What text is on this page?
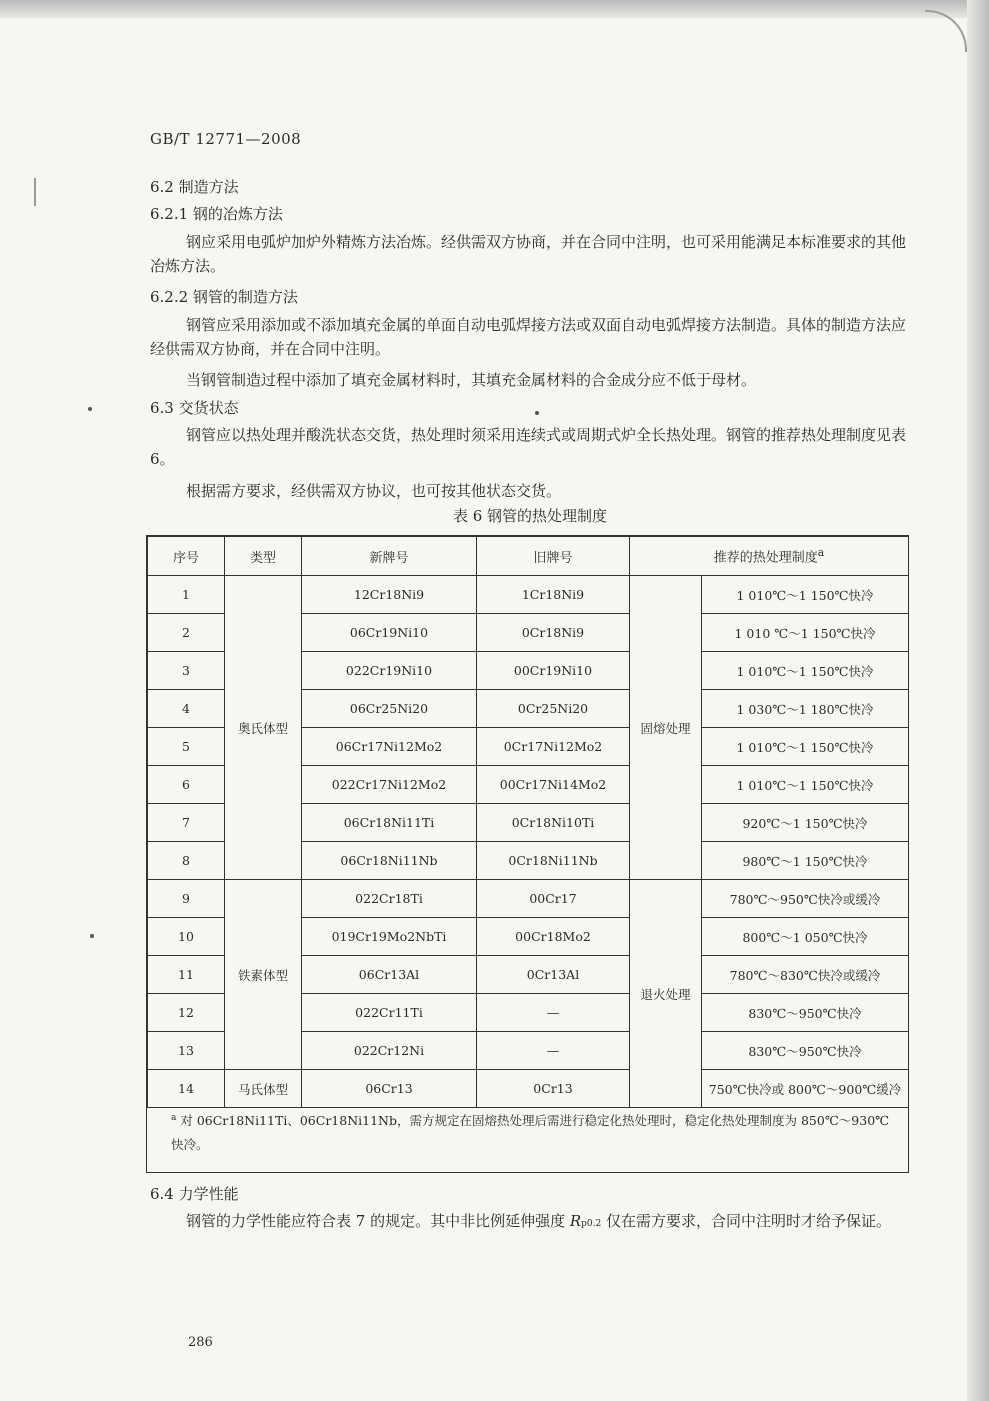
GB/T 12771—2008
6.2 制造方法
6.2.1 钢的冶炼方法
钢应采用电弧炉加炉外精炼方法冶炼。经供需双方协商，并在合同中注明，也可采用能满足本标准要求的其他冶炼方法。
6.2.2 钢管的制造方法
钢管应采用添加或不添加填充金属的单面自动电弧焊接方法或双面自动电弧焊接方法制造。具体的制造方法应经供需双方协商，并在合同中注明。
当钢管制造过程中添加了填充金属材料时，其填充金属材料的合金成分应不低于母材。
6.3 交货状态
钢管应以热处理并酸洗状态交货，热处理时须采用连续式或周期式炉全长热处理。钢管的推荐热处理制度见表 6。
根据需方要求，经供需双方协议，也可按其他状态交货。
表 6 钢管的热处理制度
序号	类型	新牌号	旧牌号	推荐的热处理制度$^a$
1	奥氏体型	12Cr18Ni9	1Cr18Ni9	固熔处理	1 010℃～1 150℃快冷
2		06Cr19Ni10	0Cr18Ni9		1 010 ℃～1 150℃快冷
3		022Cr19Ni10	00Cr19Ni10		1 010℃～1 150℃快冷
4		06Cr25Ni20	0Cr25Ni20		1 030℃～1 180℃快冷
5		06Cr17Ni12Mo2	0Cr17Ni12Mo2		1 010℃～1 150℃快冷
6		022Cr17Ni12Mo2	00Cr17Ni14Mo2		1 010℃～1 150℃快冷
7		06Cr18Ni11Ti	0Cr18Ni10Ti		920℃～1 150℃快冷
8		06Cr18Ni11Nb	0Cr18Ni11Nb		980℃～1 150℃快冷
9	铁素体型	022Cr18Ti	00Cr17	退火处理	780℃～950℃快冷或缓冷
10		019Cr19Mo2NbTi	00Cr18Mo2		800℃～1 050℃快冷
11		06Cr13Al	0Cr13Al		780℃～830℃快冷或缓冷
12		022Cr11Ti	—		830℃～950℃快冷
13		022Cr12Ni	—		830℃～950℃快冷
14	马氏体型	06Cr13	0Cr13		750℃快冷或 800℃～900℃缓冷
$^a$ 对 06Cr18Ni11Ti、06Cr18Ni11Nb，需方规定在固熔热处理后需进行稳定化热处理时，稳定化热处理制度为 850℃～930℃快冷。
6.4 力学性能
钢管的力学性能应符合表 7 的规定。其中非比例延伸强度 Rp0.2 仅在需方要求，合同中注明时才给予保证。
286
